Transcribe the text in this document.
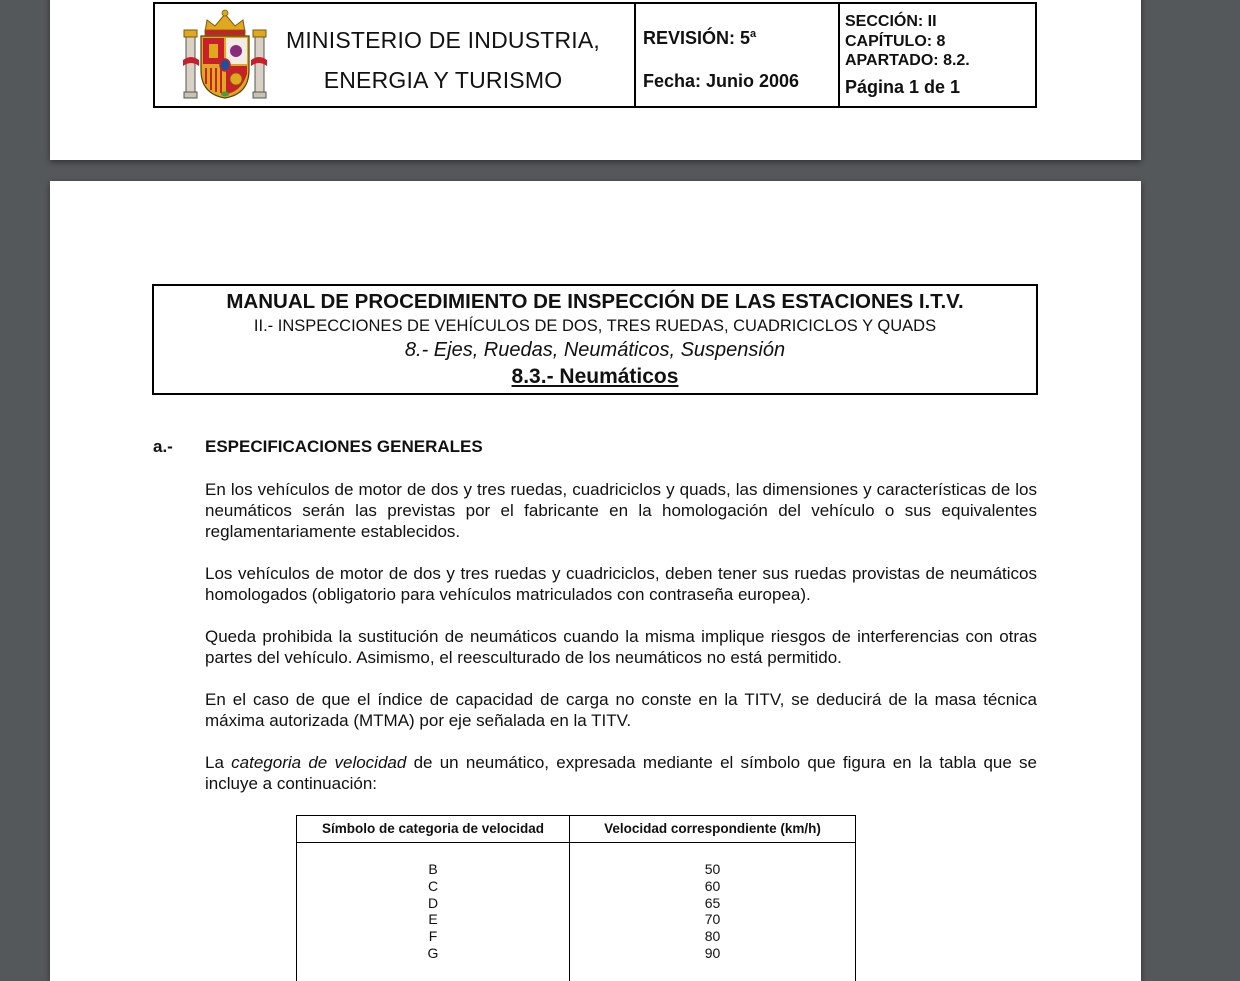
MINISTERIO DE INDUSTRIA,
ENERGIA Y TURISMO
REVISIÓN: 5$^a$
Fecha: Junio 2006
SECCIÓN: II
CAPÍTULO: 8
APARTADO: 8.2.
Página 1 de 1
MANUAL DE PROCEDIMIENTO DE INSPECCIÓN DE LAS ESTACIONES I.T.V.
II.- INSPECCIONES DE VEHÍCULOS DE DOS, TRES RUEDAS, CUADRICICLOS Y QUADS
8.- Ejes, Ruedas, Neumáticos, Suspensión
8.3.- Neumáticos
a.- ESPECIFICACIONES GENERALES
En los vehículos de motor de dos y tres ruedas, cuadriciclos y quads, las dimensiones y características de los neumáticos serán las previstas por el fabricante en la homologación del vehículo o sus equivalentes reglamentariamente establecidos.
Los vehículos de motor de dos y tres ruedas y cuadriciclos, deben tener sus ruedas provistas de neumáticos homologados (obligatorio para vehículos matriculados con contraseña europea).
Queda prohibida la sustitución de neumáticos cuando la misma implique riesgos de interferencias con otras partes del vehículo. Asimismo, el reesculturado de los neumáticos no está permitido.
En el caso de que el índice de capacidad de carga no conste en la TITV, se deducirá de la masa técnica máxima autorizada (MTMA) por eje señalada en la TITV.
La categoria de velocidad de un neumático, expresada mediante el símbolo que figura en la tabla que se incluye a continuación:
Símbolo de categoria de velocidad	Velocidad correspondiente (km/h)
B
C
D
E
F
G
50
60
65
70
80
90
